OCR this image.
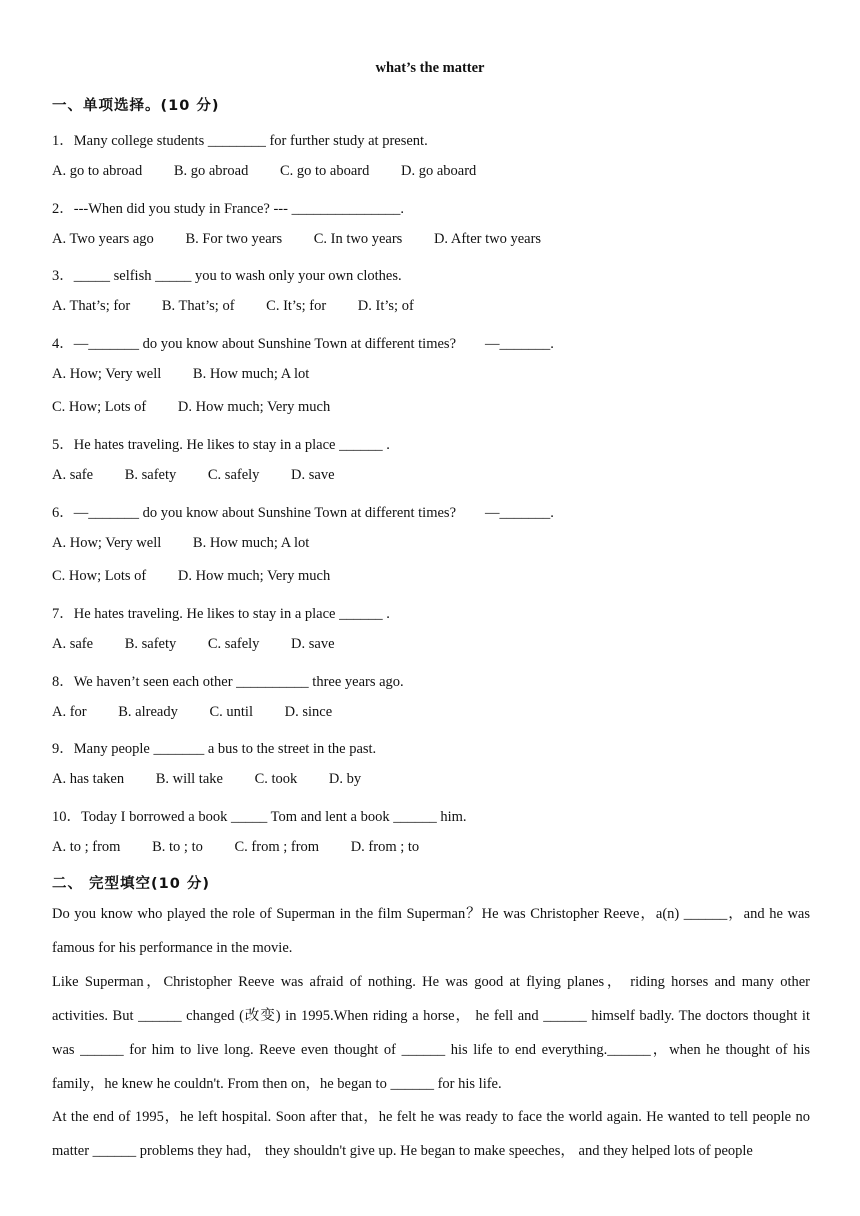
what’s the matter
一、单项选择。(10 分)
1．Many college students ________ for further study at present.
A. go to abroad B. go abroad C. go to aboard D. go aboard
2．---When did you study in France? --- _______________.
A. Two years ago B. For two years C. In two years D. After two years
3．_____ selfish _____ you to wash only your own clothes.
A. That’s; for B. That’s; of C. It’s; for D. It’s; of
4．—_______ do you know about Sunshine Town at different times?　　—_______.
A. How; Very well B. How much; A lot
C. How; Lots of D. How much; Very much
5．He hates traveling. He likes to stay in a place ______ .
A. safe B. safety C. safely D. save
6．—_______ do you know about Sunshine Town at different times?　　—_______.
A. How; Very well B. How much; A lot
C. How; Lots of D. How much; Very much
7．He hates traveling. He likes to stay in a place ______ .
A. safe B. safety C. safely D. save
8．We haven’t seen each other __________ three years ago.
A. for B. already C. until D. since
9．Many people _______ a bus to the street in the past.
A. has taken B. will take C. took D. by
10．Today I borrowed a book _____ Tom and lent a book ______ him.
A. to ; from B. to ; to C. from ; from D. from ; to
二、 完型填空(10 分)
Do you know who played the role of Superman in the film Superman？He was Christopher Reeve，a(n) ______，and he was famous for his performance in the movie.
Like Superman，Christopher Reeve was afraid of nothing. He was good at flying planes， riding horses and many other activities. But ______ changed (改变) in 1995.When riding a horse， he fell and ______ himself badly. The doctors thought it was ______ for him to live long. Reeve even thought of ______ his life to end everything.______，when he thought of his family，he knew he couldn't. From then on，he began to ______ for his life.
At the end of 1995，he left hospital. Soon after that，he felt he was ready to face the world again. He wanted to tell people no matter ______ problems they had， they shouldn't give up. He began to make speeches， and they helped lots of people
